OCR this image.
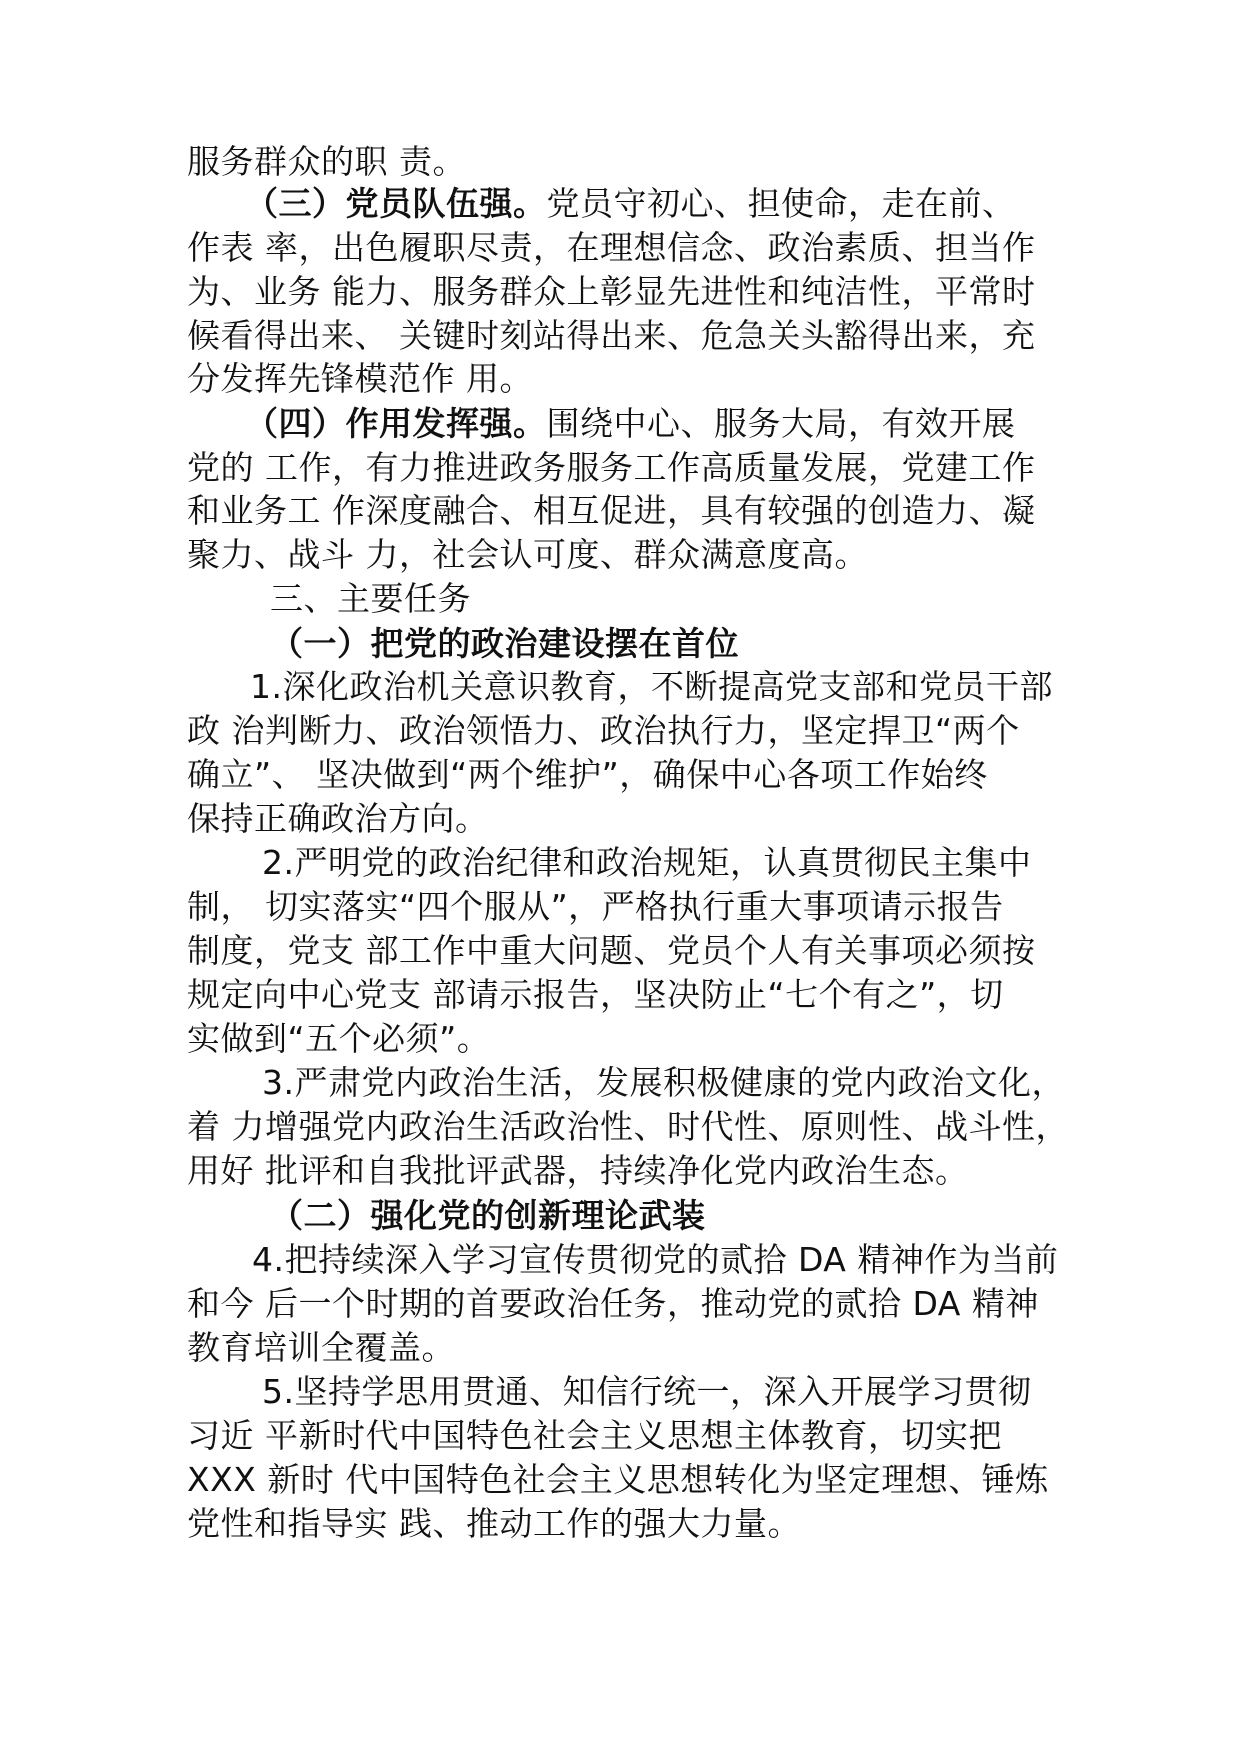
服务群众的职 责。
（三）党员队伍强。党员守初心、担使命，走在前、
作表 率，出色履职尽责，在理想信念、政治素质、担当作
为、业务 能力、服务群众上彰显先进性和纯洁性，平常时
候看得出来、 关键时刻站得出来、危急关头豁得出来，充
分发挥先锋模范作 用。
（四）作用发挥强。围绕中心、服务大局，有效开展
党的 工作，有力推进政务服务工作高质量发展，党建工作
和业务工 作深度融合、相互促进，具有较强的创造力、凝
聚力、战斗 力，社会认可度、群众满意度高。
三、主要任务
（一）把党的政治建设摆在首位
1.深化政治机关意识教育，不断提高党支部和党员干部
政 治判断力、政治领悟力、政治执行力，坚定捍卫“两个
确立”、 坚决做到“两个维护”，确保中心各项工作始终
保持正确政治方向。
2.严明党的政治纪律和政治规矩，认真贯彻民主集中
制， 切实落实“四个服从”，严格执行重大事项请示报告
制度，党支 部工作中重大问题、党员个人有关事项必须按
规定向中心党支 部请示报告，坚决防止“七个有之”，切
实做到“五个必须”。
3.严肃党内政治生活，发展积极健康的党内政治文化，
着 力增强党内政治生活政治性、时代性、原则性、战斗性，
用好 批评和自我批评武器，持续净化党内政治生态。
（二）强化党的创新理论武装
4.把持续深入学习宣传贯彻党的贰拾 DA 精神作为当前
和今 后一个时期的首要政治任务，推动党的贰拾 DA 精神
教育培训全覆盖。
5.坚持学思用贯通、知信行统一，深入开展学习贯彻
习近 平新时代中国特色社会主义思想主体教育，切实把
XXX 新时 代中国特色社会主义思想转化为坚定理想、锤炼
党性和指导实 践、推动工作的强大力量。
